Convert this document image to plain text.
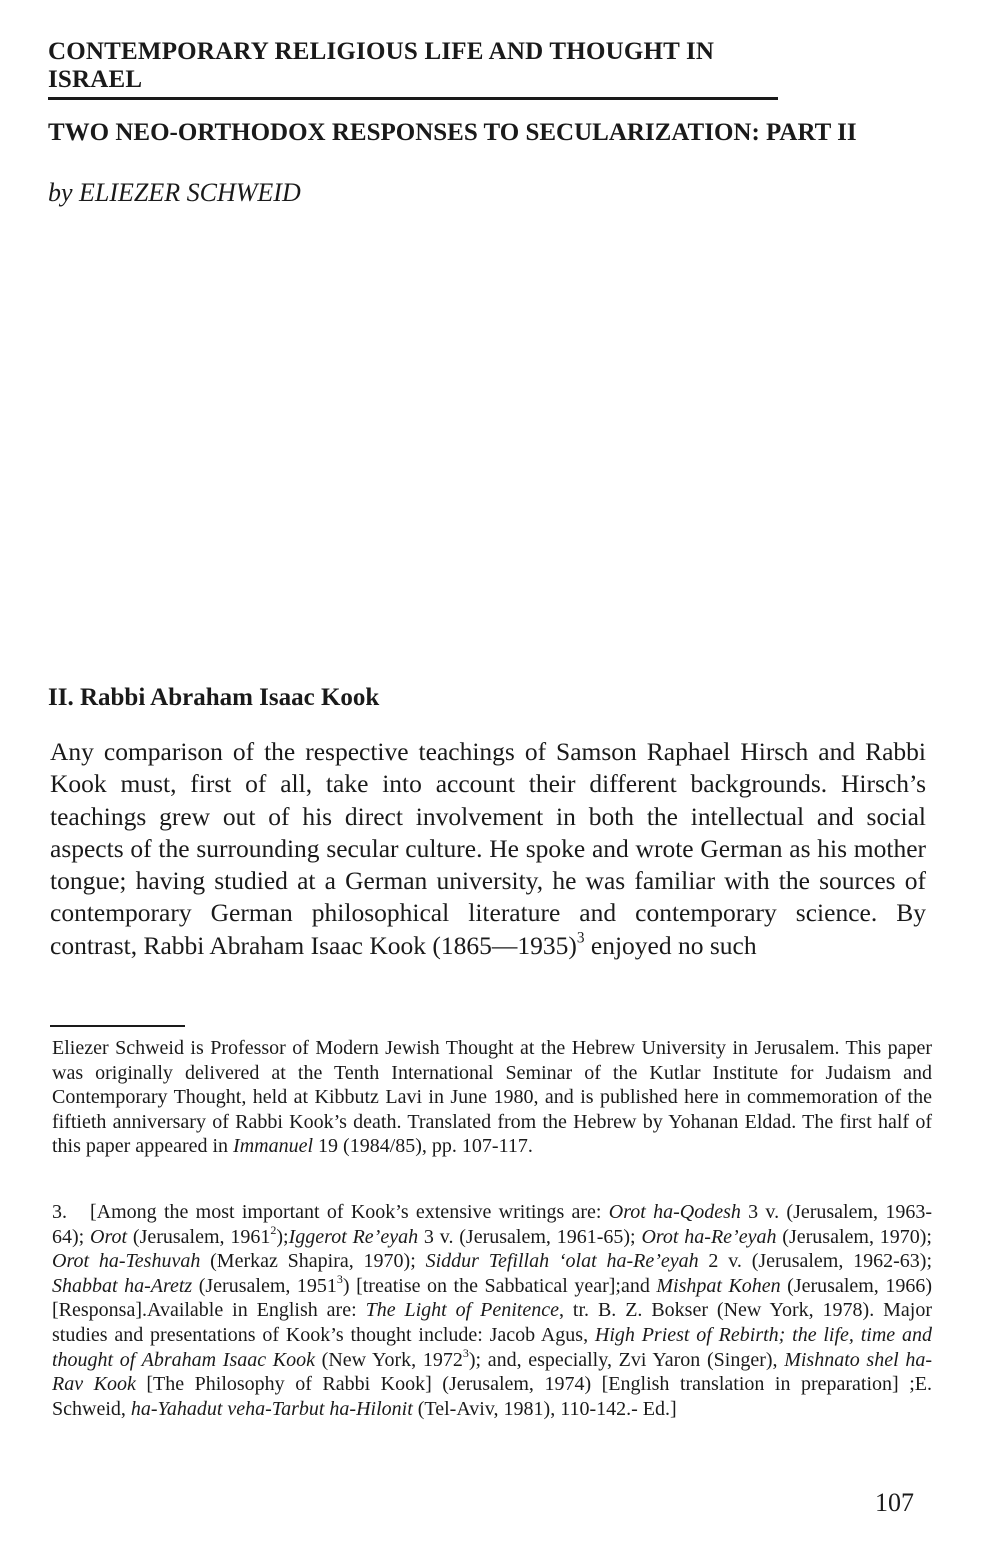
CONTEMPORARY RELIGIOUS LIFE AND THOUGHT IN ISRAEL
TWO NEO-ORTHODOX RESPONSES TO SECULARIZATION: PART II
by ELIEZER SCHWEID
II. Rabbi Abraham Isaac Kook
Any comparison of the respective teachings of Samson Raphael Hirsch and Rabbi Kook must, first of all, take into account their different backgrounds. Hirsch’s teachings grew out of his direct involvement in both the intellectual and social aspects of the surrounding secular culture. He spoke and wrote German as his mother tongue; having studied at a German university, he was familiar with the sources of contemporary German philosophical literature and contemporary science. By contrast, Rabbi Abraham Isaac Kook (1865—1935)$^3$ enjoyed no such
Eliezer Schweid is Professor of Modern Jewish Thought at the Hebrew University in Jerusalem. This paper was originally delivered at the Tenth International Seminar of the Kutlar Institute for Judaism and Contemporary Thought, held at Kibbutz Lavi in June 1980, and is published here in commemoration of the fiftieth anniversary of Rabbi Kook’s death. Translated from the Hebrew by Yohanan Eldad. The first half of this paper appeared in Immanuel 19 (1984/85), pp. 107-117.
3. [Among the most important of Kook’s extensive writings are: Orot ha-Qodesh 3 v. (Jerusalem, 1963-64); Orot (Jerusalem, 1961$^2$);Iggerot Re’eyah 3 v. (Jerusalem, 1961-65); Orot ha-Re’eyah (Jerusalem, 1970); Orot ha-Teshuvah (Merkaz Shapira, 1970); Siddur Tefillah ‘olat ha-Re’eyah 2 v. (Jerusalem, 1962-63); Shabbat ha-Aretz (Jerusalem, 1951$^3$) [treatise on the Sabbatical year];and Mishpat Kohen (Jerusalem, 1966) [Responsa].Available in English are: The Light of Penitence, tr. B. Z. Bokser (New York, 1978). Major studies and presentations of Kook’s thought include: Jacob Agus, High Priest of Rebirth; the life, time and thought of Abraham Isaac Kook (New York, 1972$^3$); and, especially, Zvi Yaron (Singer), Mishnato shel ha-Rav Kook [The Philosophy of Rabbi Kook] (Jerusalem, 1974) [English translation in preparation] ;E. Schweid, ha-Yahadut veha-Tarbut ha-Hilonit (Tel-Aviv, 1981), 110-142.- Ed.]
107
